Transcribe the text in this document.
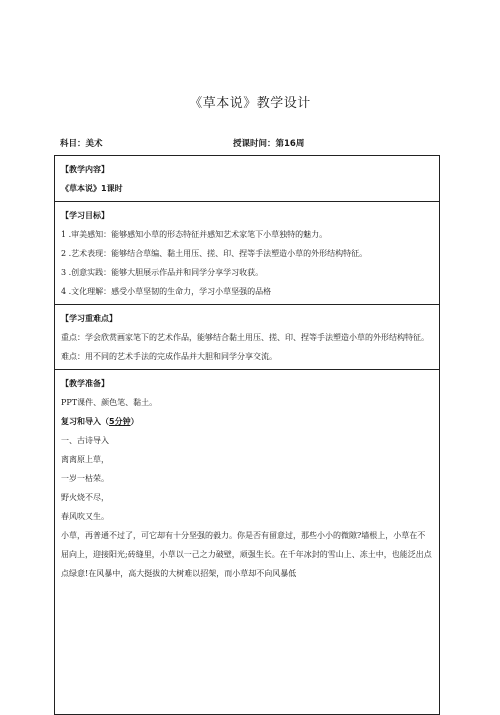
《草本说》教学设计
科目：美术	授课时间：第16周
【教学内容】
《草本说》1课时
【学习目标】
1 .审美感知：能够感知小草的形态特征并感知艺术家笔下小草独特的魅力。
2 .艺术表现：能够结合草编、黏土用压、搓、印、捏等手法塑造小草的外形结构特征。
3 .创意实践：能够大胆展示作品并和同学分享学习收获。
4 .文化理解：感受小草坚韧的生命力，学习小草坚强的品格
【学习重难点】
重点：学会欣赏画家笔下的艺术作品，能够结合黏土用压、搓、印、捏等手法塑造小草的外形结构特征。
难点：用不同的艺术手法的完成作品并大胆和同学分享交流。
【教学准备】
PPT课件、颜色笔、黏土。
复习和导入（5分钟）
一、古诗导入
离离原上草，
一岁一枯荣。
野火烧不尽，
春风吹又生。
小草，再普通不过了，可它却有十分坚强的毅力。你是否有留意过，那些小小的微隙?墙根上，小草在不屈向上，迎接阳光;砖缝里，小草以一己之力破壁，顽强生长。在千年冰封的雪山上、冻土中，也能泛出点点绿意!在风暴中，高大挺拔的大树难以招架，而小草却不向风暴低
